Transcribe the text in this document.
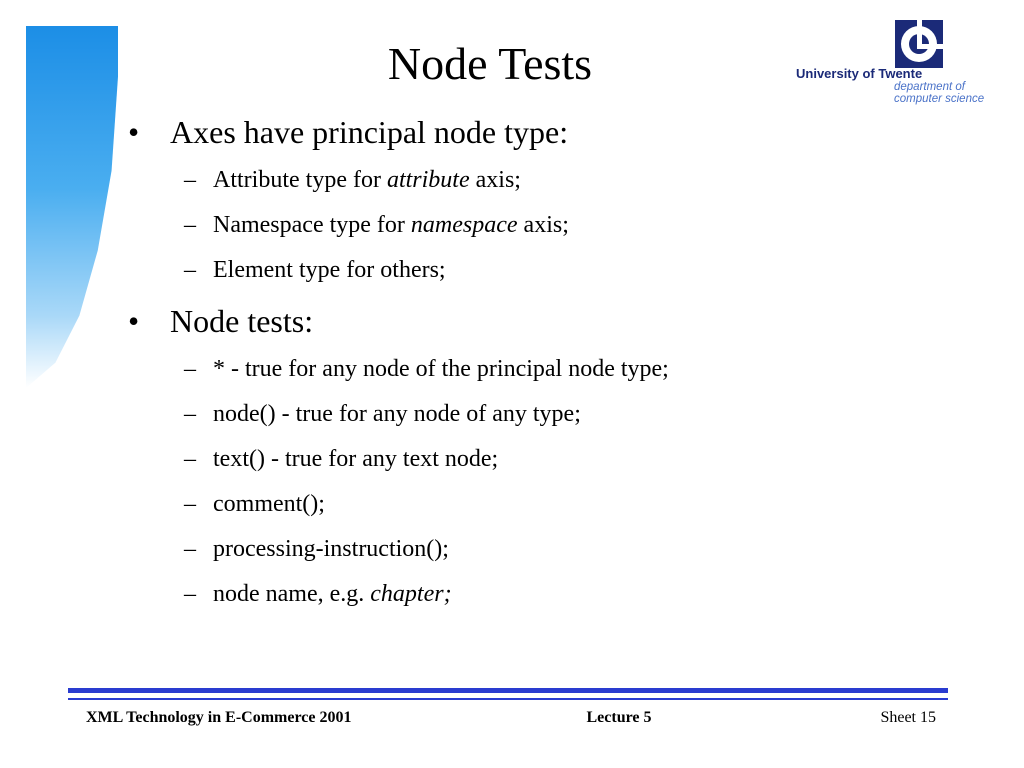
Node Tests	University of Twente
department of
computer science
• Axes have principal node type:
– Attribute type for attribute axis;
– Namespace type for namespace axis;
– Element type for others;
• Node tests:
– * - true for any node of the principal node type;
– node() - true for any node of any type;
– text() - true for any text node;
– comment();
– processing-instruction();
– node name, e.g. chapter;
XML Technology in E-Commerce 2001	Lecture 5	Sheet 15
